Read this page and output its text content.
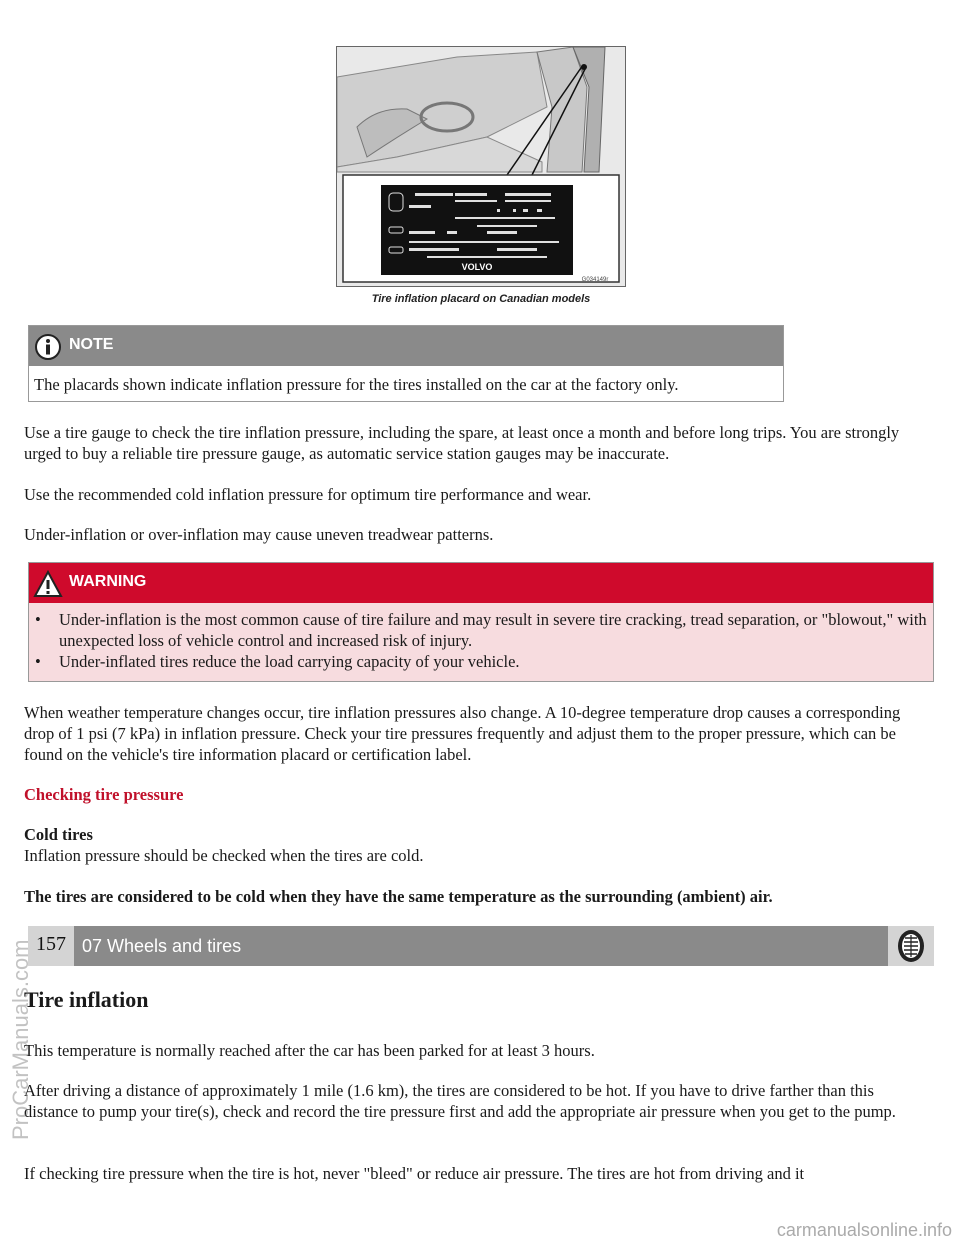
VOLVO
G034149r
Tire inflation placard on Canadian models
NOTE
The placards shown indicate inflation pressure for the tires installed on the car at the factory only.

Use a tire gauge to check the tire inflation pressure, including the spare, at least once a month and before long trips. You are strongly urged to buy a reliable tire pressure gauge, as automatic service station gauges may be inaccurate.

Use the recommended cold inflation pressure for optimum tire performance and wear.

Under-inflation or over-inflation may cause uneven treadwear patterns.

WARNING
• Under-inflation is the most common cause of tire failure and may result in severe tire cracking, tread separation, or "blowout," with unexpected loss of vehicle control and increased risk of injury.
• Under-inflated tires reduce the load carrying capacity of your vehicle.

When weather temperature changes occur, tire inflation pressures also change. A 10-degree temperature drop causes a corresponding drop of 1 psi (7 kPa) in inflation pressure. Check your tire pressures frequently and adjust them to the proper pressure, which can be found on the vehicle's tire information placard or certification label.

Checking tire pressure

Cold tires

Inflation pressure should be checked when the tires are cold.

The tires are considered to be cold when they have the same temperature as the surrounding (ambient) air.

157 07 Wheels and tires
Tire inflation

This temperature is normally reached after the car has been parked for at least 3 hours.

After driving a distance of approximately 1 mile (1.6 km), the tires are considered to be hot. If you have to drive farther than this distance to pump your tire(s), check and record the tire pressure first and add the appropriate air pressure when you get to the pump.

If checking tire pressure when the tire is hot, never "bleed" or reduce air pressure. The tires are hot from driving and it

ProCarManuals.com
carmanualsonline.info
